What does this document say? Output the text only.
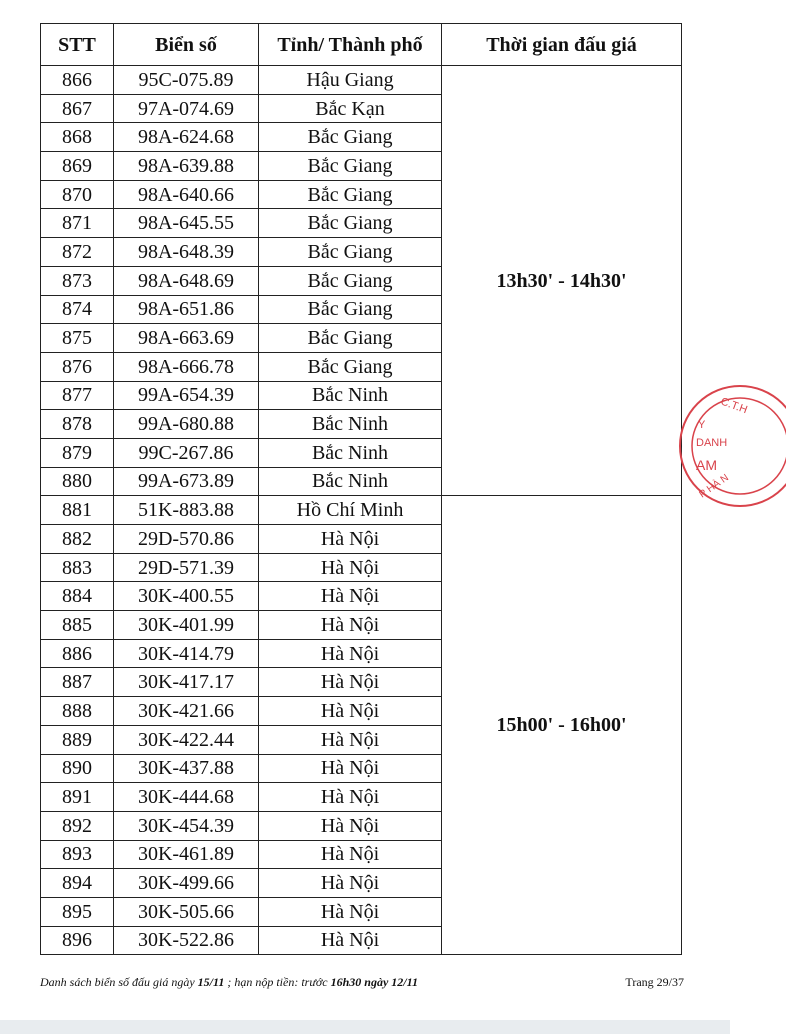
STT	Biển số	Tỉnh/ Thành phố	Thời gian đấu giá
866	95C-075.89	Hậu Giang	13h30' - 14h30'
867	97A-074.69	Bắc Kạn	
868	98A-624.68	Bắc Giang	
869	98A-639.88	Bắc Giang	
870	98A-640.66	Bắc Giang	
871	98A-645.55	Bắc Giang	
872	98A-648.39	Bắc Giang	
873	98A-648.69	Bắc Giang	
874	98A-651.86	Bắc Giang	
875	98A-663.69	Bắc Giang	
876	98A-666.78	Bắc Giang	
877	99A-654.39	Bắc Ninh	
878	99A-680.88	Bắc Ninh	
879	99C-267.86	Bắc Ninh	
880	99A-673.89	Bắc Ninh	
881	51K-883.88	Hồ Chí Minh	15h00' - 16h00'
882	29D-570.86	Hà Nội	
883	29D-571.39	Hà Nội	
884	30K-400.55	Hà Nội	
885	30K-401.99	Hà Nội	
886	30K-414.79	Hà Nội	
887	30K-417.17	Hà Nội	
888	30K-421.66	Hà Nội	
889	30K-422.44	Hà Nội	
890	30K-437.88	Hà Nội	
891	30K-444.68	Hà Nội	
892	30K-454.39	Hà Nội	
893	30K-461.89	Hà Nội	
894	30K-499.66	Hà Nội	
895	30K-505.66	Hà Nội	
896	30K-522.86	Hà Nội	
C.T.H
Y
DANH
AM
P HÀ N
Danh sách biển số đấu giá ngày 15/11 ; hạn nộp tiền: trước 16h30 ngày 12/11	Trang 29/37
